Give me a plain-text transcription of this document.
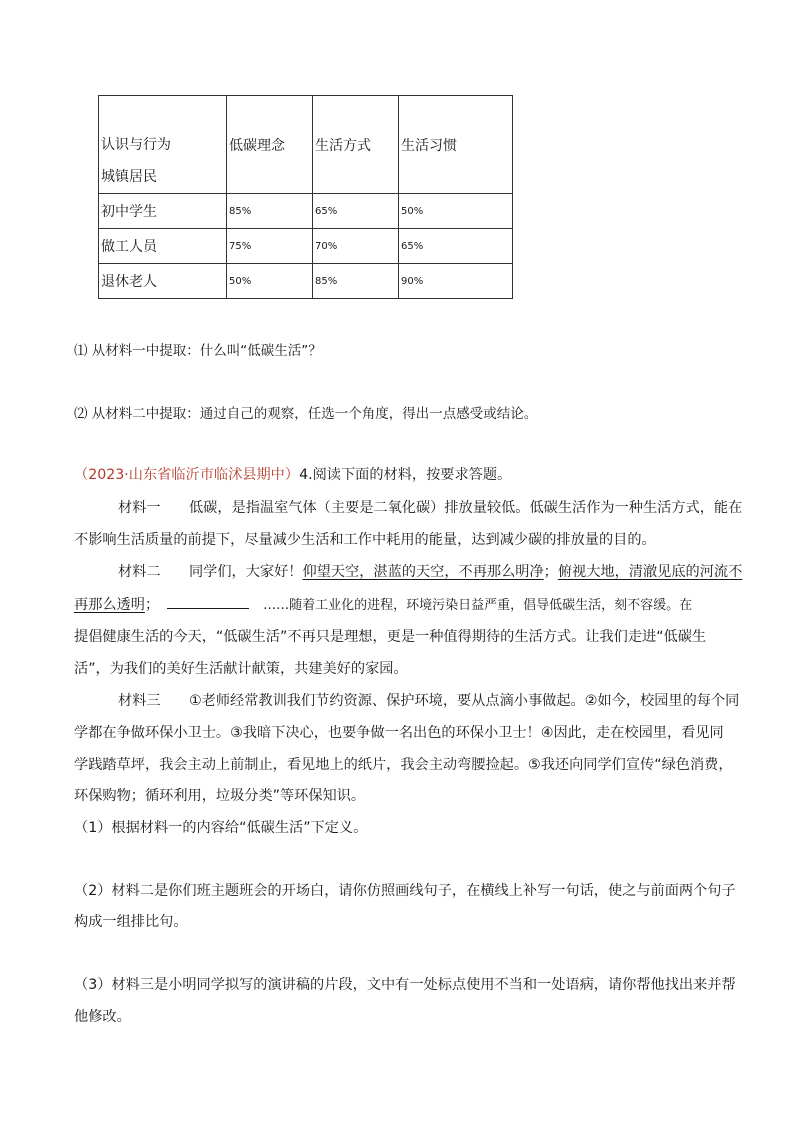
认识与行为
城镇居民	低碳理念	生活方式	生活习惯
初中学生	85%	65%	50%
做工人员	75%	70%	65%
退休老人	50%	85%	90%
⑴ 从材料一中提取：什么叫“低碳生活”？
⑵ 从材料二中提取：通过自己的观察，任选一个角度，得出一点感受或结论。
（2023·山东省临沂市临沭县期中）4.阅读下面的材料，按要求答题。
材料一　　低碳，是指温室气体（主要是二氧化碳）排放量较低。低碳生活作为一种生活方式，能在
不影响生活质量的前提下，尽量减少生活和工作中耗用的能量，达到减少碳的排放量的目的。
材料二　　同学们，大家好！仰望天空，湛蓝的天空，不再那么明净；俯视大地，清澈见底的河流不
再那么透明；	……随着工业化的进程，环境污染日益严重，倡导低碳生活，刻不容缓。在
提倡健康生活的今天，“低碳生活”不再只是理想，更是一种值得期待的生活方式。让我们走进“低碳生
活”，为我们的美好生活献计献策，共建美好的家园。
材料三　　①老师经常教训我们节约资源、保护环境，要从点滴小事做起。②如今，校园里的每个同
学都在争做环保小卫士。③我暗下决心，也要争做一名出色的环保小卫士！④因此，走在校园里，看见同
学践踏草坪，我会主动上前制止，看见地上的纸片，我会主动弯腰捡起。⑤我还向同学们宣传“绿色消费，
环保购物；循环利用，垃圾分类”等环保知识。
（1）根据材料一的内容给“低碳生活”下定义。
（2）材料二是你们班主题班会的开场白，请你仿照画线句子，在横线上补写一句话，使之与前面两个句子
构成一组排比句。
（3）材料三是小明同学拟写的演讲稿的片段，文中有一处标点使用不当和一处语病，请你帮他找出来并帮
他修改。
